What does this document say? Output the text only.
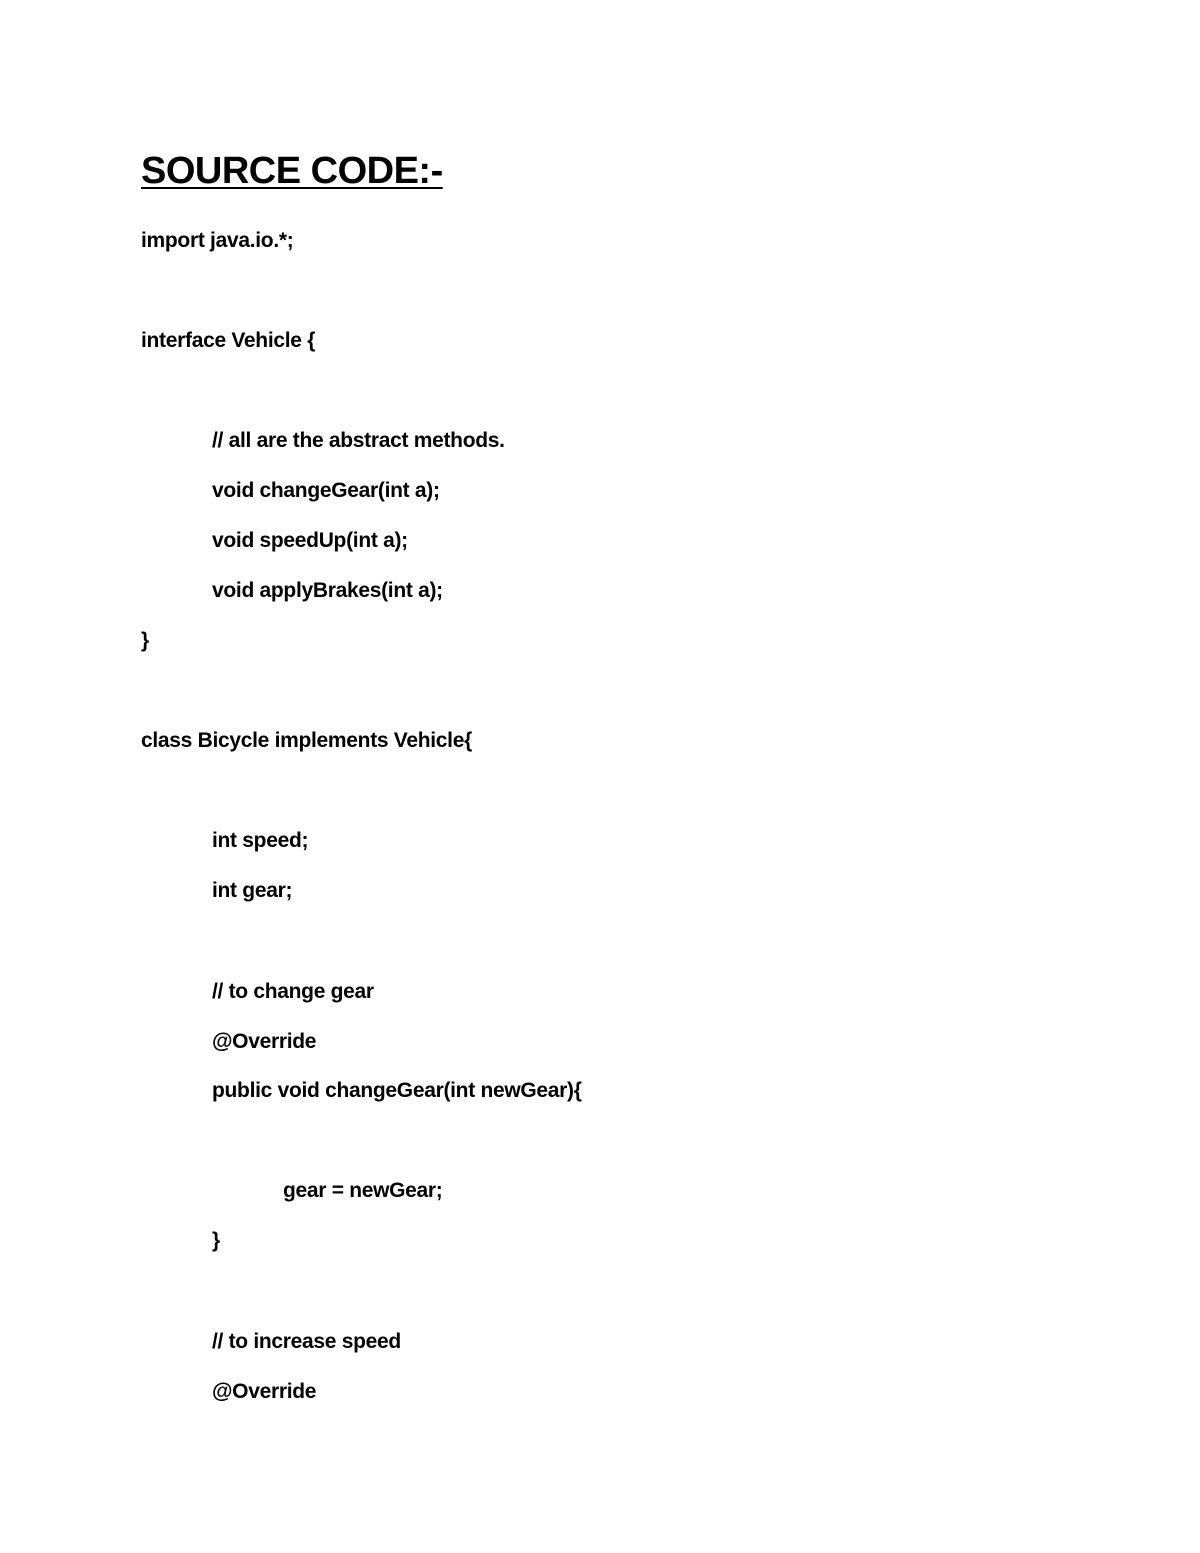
SOURCE CODE:-
import java.io.*;
interface Vehicle {
// all are the abstract methods.
void changeGear(int a);
void speedUp(int a);
void applyBrakes(int a);
}
class Bicycle implements Vehicle{
int speed;
int gear;
// to change gear
@Override
public void changeGear(int newGear){
gear = newGear;
}
// to increase speed
@Override
